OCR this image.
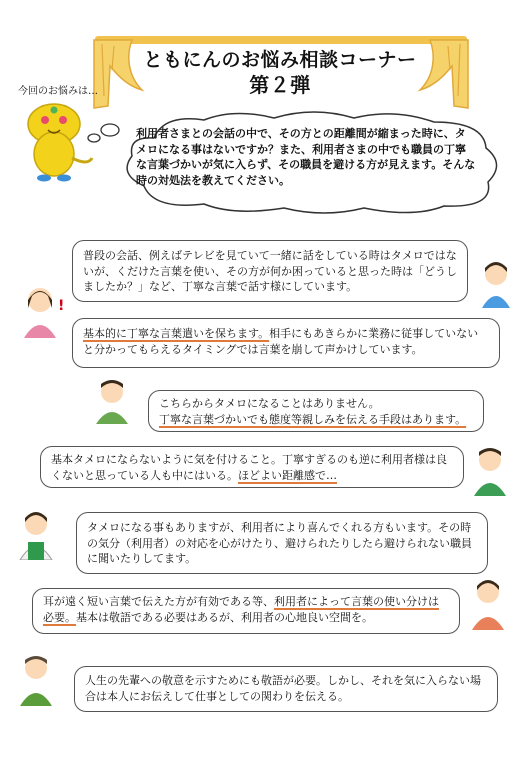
ともにんのお悩み相談コーナー
第２弾
今回のお悩みは…
利用者さまとの会話の中で、その方との距離間が縮まった時に、タメロになる事はないですか？また、利用者さまの中でも職員の丁寧な言葉づかいが気に入らず、その職員を避ける方が見えます。そんな時の対処法を教えてください。
普段の会話、例えばテレビを見ていて一緒に話をしている時はタメロではないが、くだけた言葉を使い、その方が何か困っていると思った時は「どうしましたか？」など、丁寧な言葉で話す様にしています。
!
基本的に丁寧な言葉遣いを保ちます。相手にもあきらかに業務に従事していないと分かってもらえるタイミングでは言葉を崩して声かけしています。
こちらからタメロになることはありません。
丁寧な言葉づかいでも態度等親しみを伝える手段はあります。
基本タメロにならないように気を付けること。丁寧すぎるのも逆に利用者様は良くないと思っている人も中にはいる。ほどよい距離感で…
タメロになる事もありますが、利用者により喜んでくれる方もいます。その時の気分（利用者）の対応を心がけたり、避けられたりしたら避けられない職員に聞いたりしてます。
耳が遠く短い言葉で伝えた方が有効である等、利用者によって言葉の使い分けは必要。基本は敬語である必要はあるが、利用者の心地良い空間を。
人生の先輩への敬意を示すためにも敬語が必要。しかし、それを気に入らない場合は本人にお伝えして仕事としての関わりを伝える。
